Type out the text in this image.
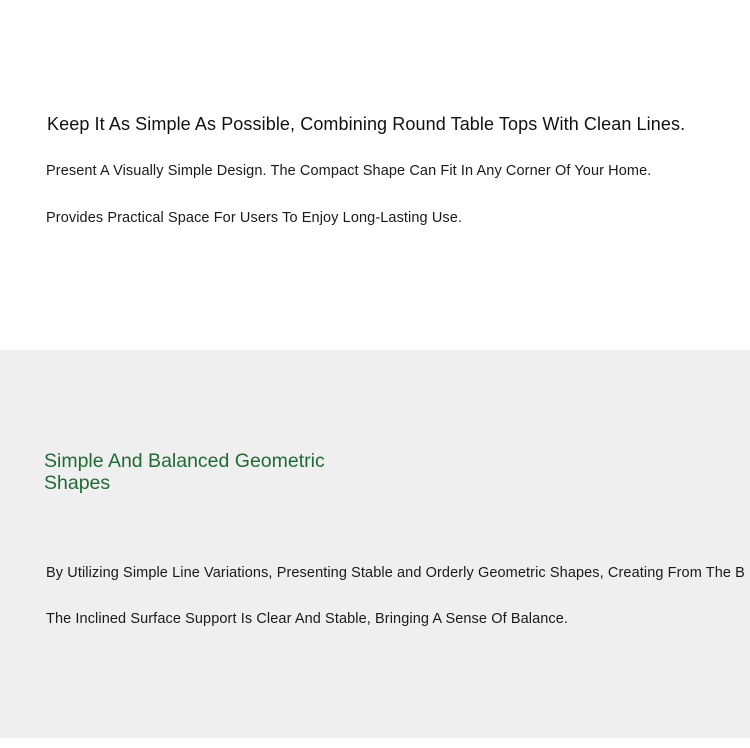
Keep It As Simple As Possible, Combining Round Table Tops With Clean Lines.
Present A Visually Simple Design. The Compact Shape Can Fit In Any Corner Of Your Home.
Provides Practical Space For Users To Enjoy Long-Lasting Use.
Simple And Balanced Geometric Shapes
By Utilizing Simple Line Variations, Presenting Stable and Orderly Geometric Shapes, Creating From The B
The Inclined Surface Support Is Clear And Stable, Bringing A Sense Of Balance.
